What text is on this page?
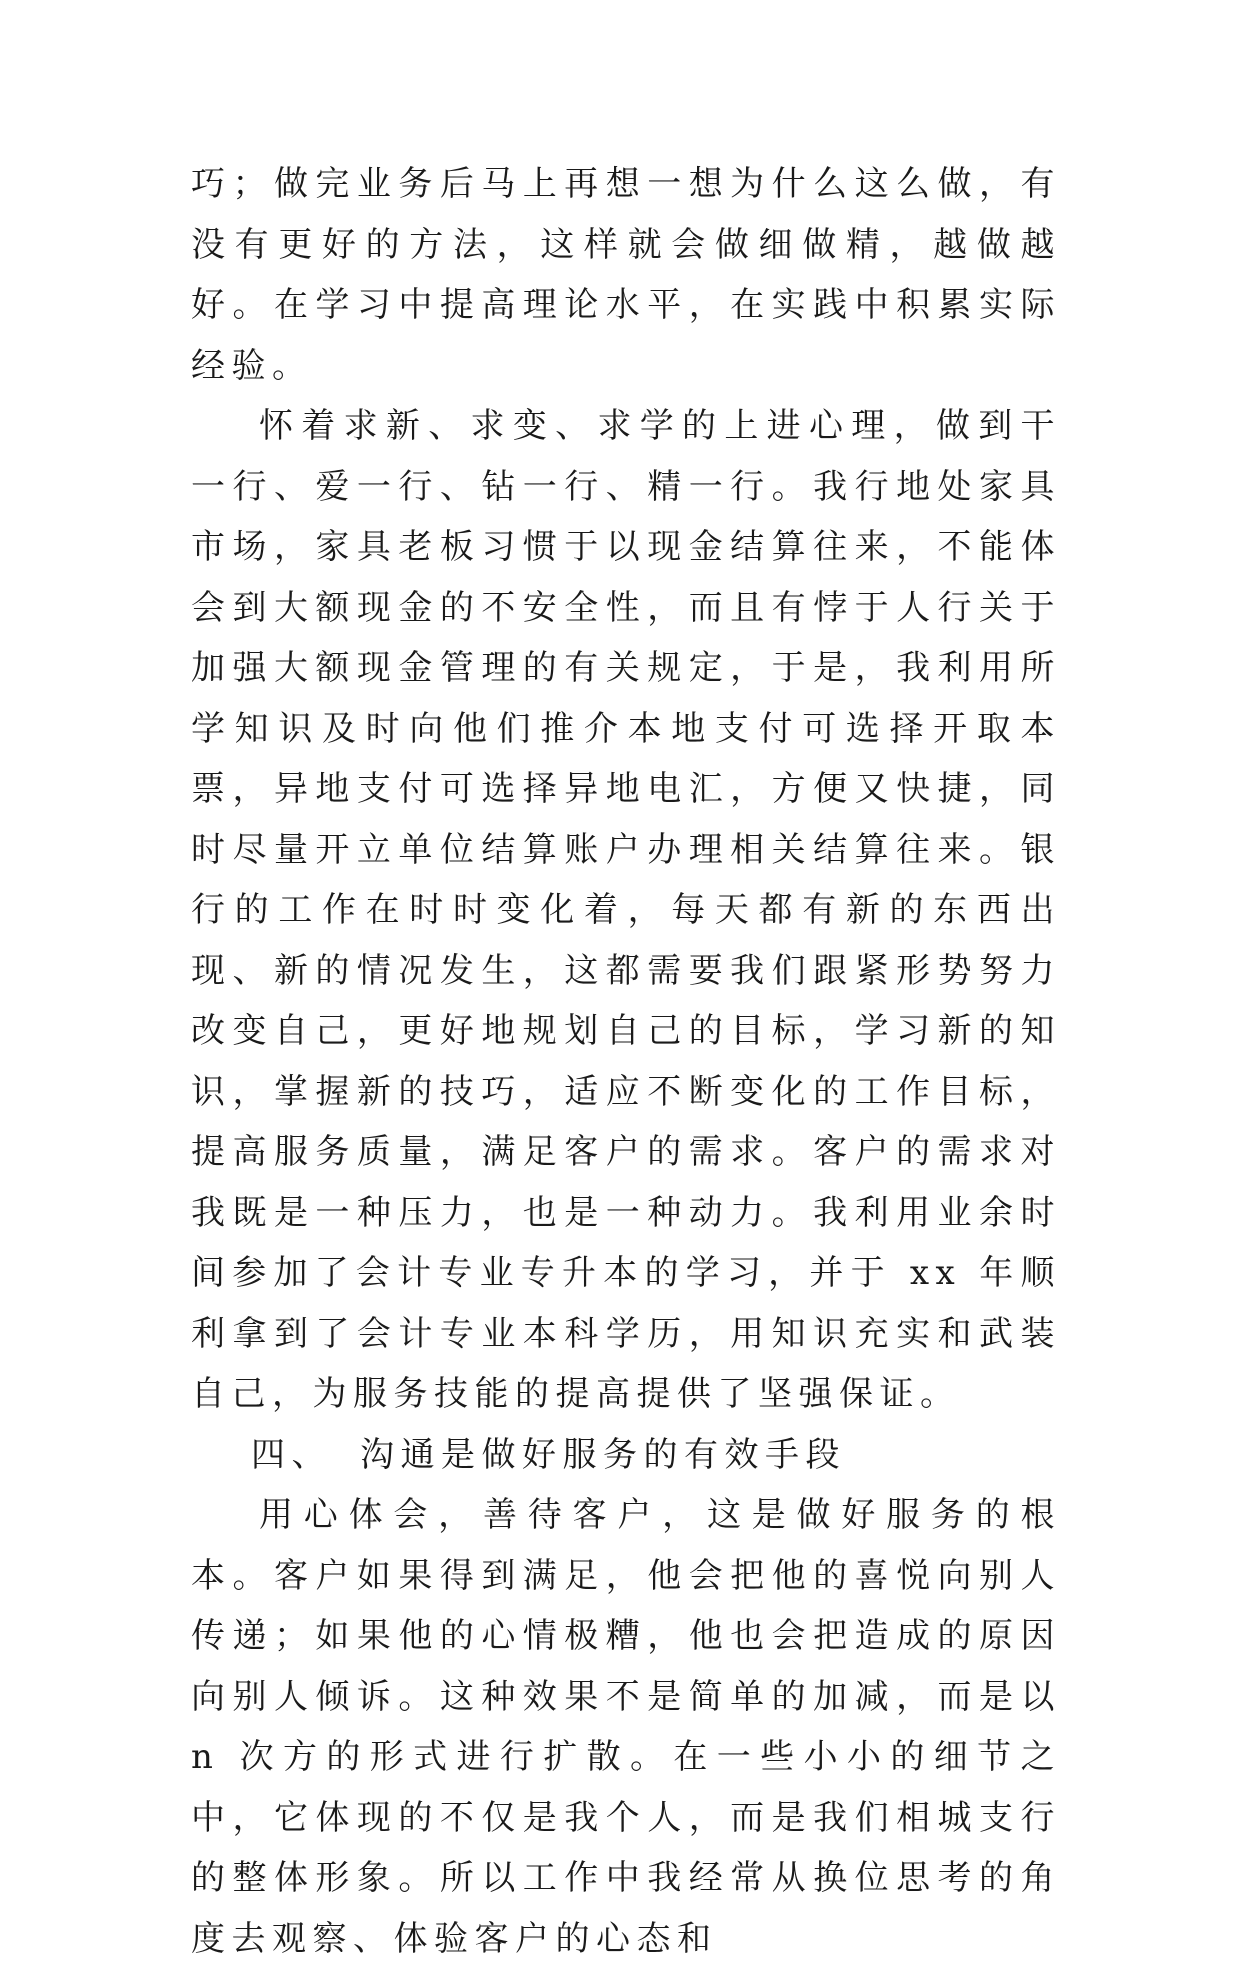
巧；做完业务后马上再想一想为什么这么做，有没有更好的方法，这样就会做细做精，越做越好。在学习中提高理论水平，在实践中积累实际经验。

怀着求新、求变、求学的上进心理，做到干一行、爱一行、钻一行、精一行。我行地处家具市场，家具老板习惯于以现金结算往来，不能体会到大额现金的不安全性，而且有悖于人行关于加强大额现金管理的有关规定，于是，我利用所学知识及时向他们推介本地支付可选择开取本票，异地支付可选择异地电汇，方便又快捷，同时尽量开立单位结算账户办理相关结算往来。银行的工作在时时变化着，每天都有新的东西出现、新的情况发生，这都需要我们跟紧形势努力改变自己，更好地规划自己的目标，学习新的知识，掌握新的技巧，适应不断变化的工作目标，提高服务质量，满足客户的需求。客户的需求对我既是一种压力，也是一种动力。我利用业余时间参加了会计专业专升本的学习，并于 xx 年顺利拿到了会计专业本科学历，用知识充实和武装自己，为服务技能的提高提供了坚强保证。

四、 沟通是做好服务的有效手段

用心体会，善待客户，这是做好服务的根本。客户如果得到满足，他会把他的喜悦向别人传递；如果他的心情极糟，他也会把造成的原因向别人倾诉。这种效果不是简单的加减，而是以 n 次方的形式进行扩散。在一些小小的细节之中，它体现的不仅是我个人，而是我们相城支行的整体形象。所以工作中我经常从换位思考的角度去观察、体验客户的心态和
